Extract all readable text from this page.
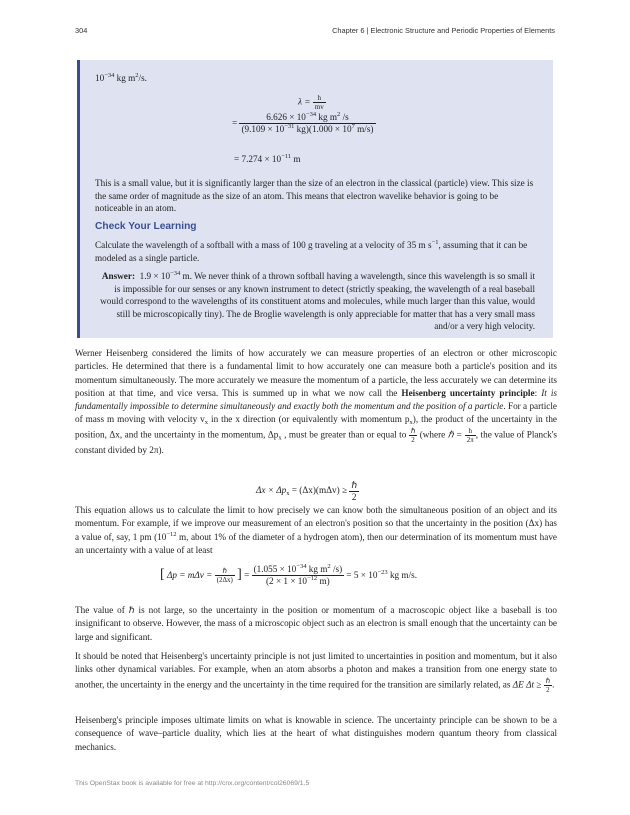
304	Chapter 6 | Electronic Structure and Periodic Properties of Elements
$10^{-34}$ kg $m^2/s$.
$\lambda = \frac{h}{mv}$
= $\frac{6.626 \times 10^{-34} kg m^2 /s}{(9.109 \times 10^{-31} kg)(1.000 \times 10^7 m/s)}$
= $7.274 \times 10^{-11}$ m
This is a small value, but it is significantly larger than the size of an electron in the classical (particle) view. This size is the same order of magnitude as the size of an atom. This means that electron wavelike behavior is going to be noticeable in an atom.
Check Your Learning
Calculate the wavelength of a softball with a mass of 100 g traveling at a velocity of 35 m $s^{-1}$, assuming that it can be modeled as a single particle.
Answer: $1.9 \times 10^{-34}$ m. We never think of a thrown softball having a wavelength, since this wavelength is so small it is impossible for our senses or any known instrument to detect (strictly speaking, the wavelength of a real baseball would correspond to the wavelengths of its constituent atoms and molecules, while much larger than this value, would still be microscopically tiny). The de Broglie wavelength is only appreciable for matter that has a very small mass and/or a very high velocity.
Werner Heisenberg considered the limits of how accurately we can measure properties of an electron or other microscopic particles. He determined that there is a fundamental limit to how accurately one can measure both a particle's position and its momentum simultaneously. The more accurately we measure the momentum of a particle, the less accurately we can determine its position at that time, and vice versa. This is summed up in what we now call the Heisenberg uncertainty principle: It is fundamentally impossible to determine simultaneously and exactly both the momentum and the position of a particle. For a particle of mass m moving with velocity $v_x$ in the x direction (or equivalently with momentum $p_x$), the product of the uncertainty in the position, Δx, and the uncertainty in the momentum, $\Delta p_x$ , must be greater than or equal to $\frac{\text{ℏ}}{2}$ (where ℏ = $\frac{h}{2\pi}$ , the value of Planck's constant divided by 2π).
$\Delta x \times \Delta p_x = (\Delta x)(m\Delta v) \ge \frac{\text{ℏ}}{2}$
This equation allows us to calculate the limit to how precisely we can know both the simultaneous position of an object and its momentum. For example, if we improve our measurement of an electron's position so that the uncertainty in the position (Δx) has a value of, say, 1 pm ($10^{-12}$ m, about 1% of the diameter of a hydrogen atom), then our determination of its momentum must have an uncertainty with a value of at least
[ $\Delta p = m\Delta v = \frac{\text{ℏ}}{(2\Delta x)}$ ] = $\frac{(1.055 \times 10^{-34} kg m^2 /s)}{(2 \times 1 \times 10^{-12} m)} = 5 \times 10^{-23}$ kg m/s.
The value of ℏ is not large, so the uncertainty in the position or momentum of a macroscopic object like a baseball is too insignificant to observe. However, the mass of a microscopic object such as an electron is small enough that the uncertainty can be large and significant.
It should be noted that Heisenberg's uncertainty principle is not just limited to uncertainties in position and momentum, but it also links other dynamical variables. For example, when an atom absorbs a photon and makes a transition from one energy state to another, the uncertainty in the energy and the uncertainty in the time required for the transition are similarly related, as ΔE $\Delta t \ge \frac{\text{ℏ}}{2}$ .
Heisenberg's principle imposes ultimate limits on what is knowable in science. The uncertainty principle can be shown to be a consequence of wave–particle duality, which lies at the heart of what distinguishes modern quantum theory from classical mechanics.
This OpenStax book is available for free at http://cnx.org/content/col26069/1.5
